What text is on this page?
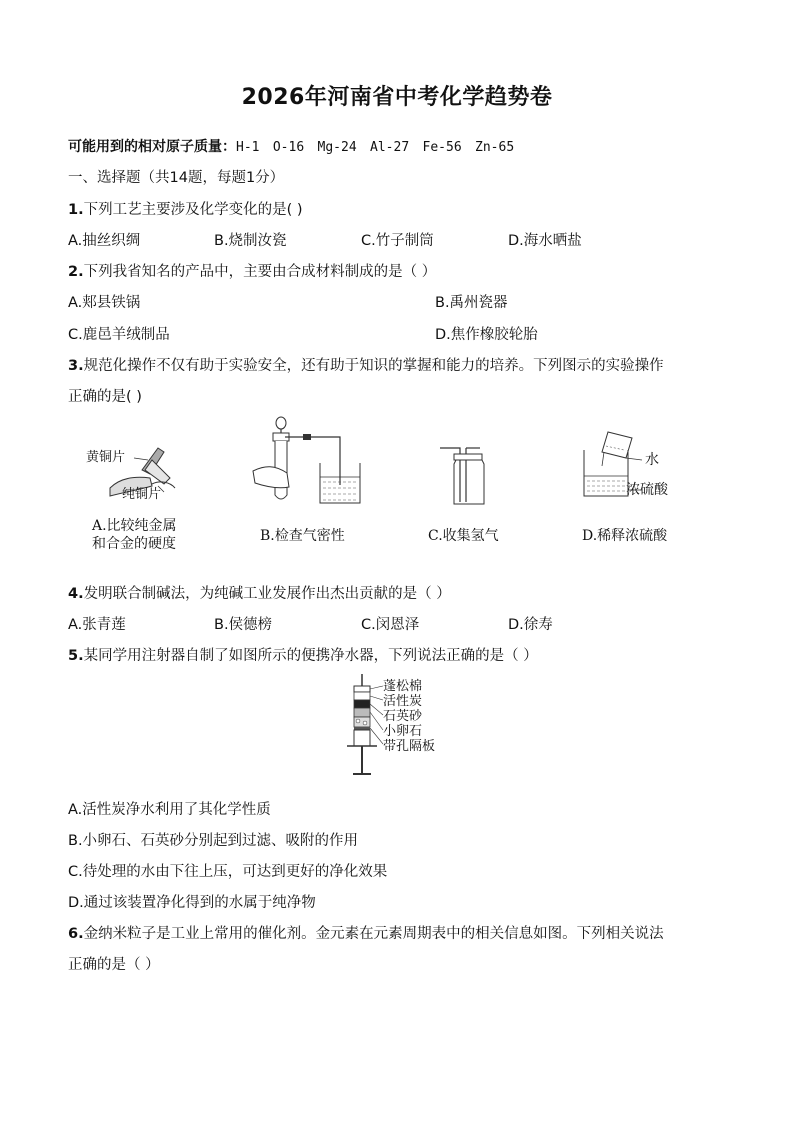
2026年河南省中考化学趋势卷
可能用到的相对原子质量：H-1 O-16 Mg-24 Al-27 Fe-56 Zn-65
一、选择题（共14题，每题1分）
1.下列工艺主要涉及化学变化的是( )
A.抽丝织绸	B.烧制汝瓷	C.竹子制筒	D.海水晒盐
2.下列我省知名的产品中，主要由合成材料制成的是（ ）
A.郏县铁锅	B.禹州瓷器
C.鹿邑羊绒制品	D.焦作橡胶轮胎
3.规范化操作不仅有助于实验安全，还有助于知识的掌握和能力的培养。下列图示的实验操作
正确的是( )
黄铜片
纯铜片
A.比较纯金属
和合金的硬度	B.检查气密性	C.收集氢气
水
浓硫酸
D.稀释浓硫酸
4.发明联合制碱法，为纯碱工业发展作出杰出贡献的是（ ）
A.张青莲	B.侯德榜	C.闵恩泽	D.徐寿
5.某同学用注射器自制了如图所示的便携净水器，下列说法正确的是（ ）
蓬松棉
活性炭
石英砂
小卵石
带孔隔板
A.活性炭净水利用了其化学性质
B.小卵石、石英砂分别起到过滤、吸附的作用
C.待处理的水由下往上压，可达到更好的净化效果
D.通过该装置净化得到的水属于纯净物
6.金纳米粒子是工业上常用的催化剂。金元素在元素周期表中的相关信息如图。下列相关说法
正确的是（ ）
